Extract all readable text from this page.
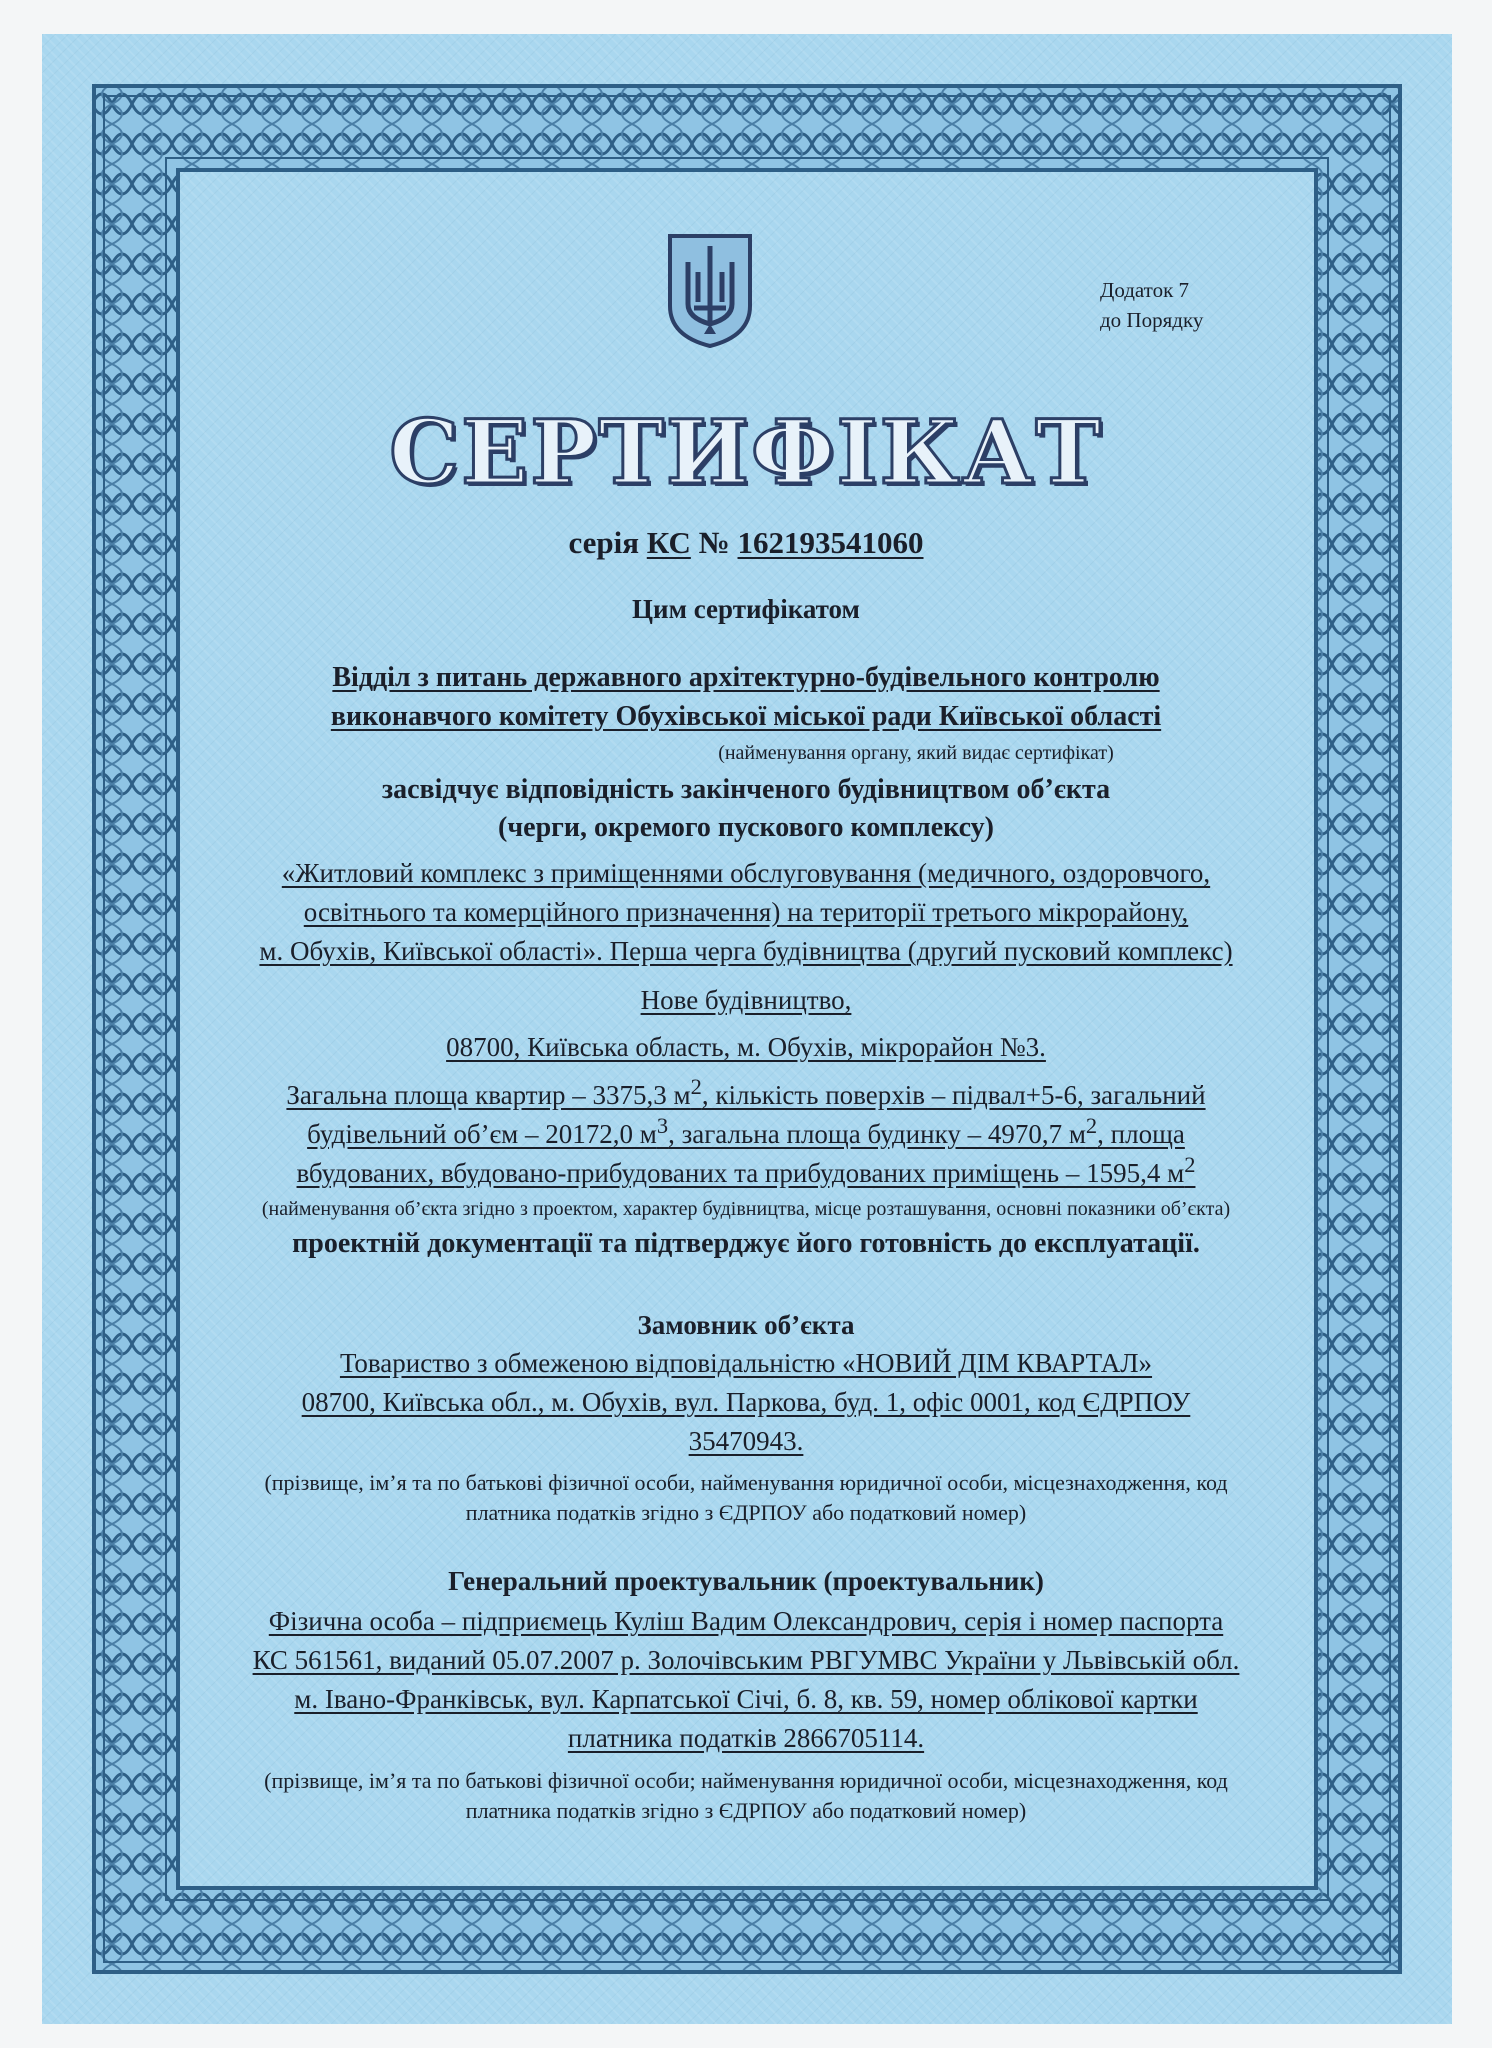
Додаток 7
до Порядку
СЕРТИФІКАТ
серія КС № 162193541060
Цим сертифікатом
Відділ з питань державного архітектурно-будівельного контролю
виконавчого комітету Обухівської міської ради Київської області
(найменування органу, який видає сертифікат)
засвідчує відповідність закінченого будівництвом об’єкта
(черги, окремого пускового комплексу)
«Житловий комплекс з приміщеннями обслуговування (медичного, оздоровчого,
освітнього та комерційного призначення) на території третього мікрорайону,
м. Обухів, Київської області». Перша черга будівництва (другий пусковий комплекс)
Нове будівництво,
08700, Київська область, м. Обухів, мікрорайон №3.
Загальна площа квартир – 3375,3 $м^2$, кількість поверхів – підвал+5-6, загальний
будівельний об’єм – 20172,0 $м^3$, загальна площа будинку – 4970,7 $м^2$, площа
вбудованих, вбудовано-прибудованих та прибудованих приміщень – 1595,4 $м^2$
(найменування об’єкта згідно з проектом, характер будівництва, місце розташування, основні показники об’єкта)
проектній документації та підтверджує його готовність до експлуатації.
Замовник об’єкта
Товариство з обмеженою відповідальністю «НОВИЙ ДІМ КВАРТАЛ»
08700, Київська обл., м. Обухів, вул. Паркова, буд. 1, офіс 0001, код ЄДРПОУ
35470943.
(прізвище, ім’я та по батькові фізичної особи, найменування юридичної особи, місцезнаходження, код
платника податків згідно з ЄДРПОУ або податковий номер)
Генеральний проектувальник (проектувальник)
Фізична особа – підприємець Куліш Вадим Олександрович, серія і номер паспорта
КС 561561, виданий 05.07.2007 р. Золочівським РВГУМВС України у Львівській обл.
м. Івано-Франківськ, вул. Карпатської Січі, б. 8, кв. 59, номер облікової картки
платника податків 2866705114.
(прізвище, ім’я та по батькові фізичної особи; найменування юридичної особи, місцезнаходження, код
платника податків згідно з ЄДРПОУ або податковий номер)
